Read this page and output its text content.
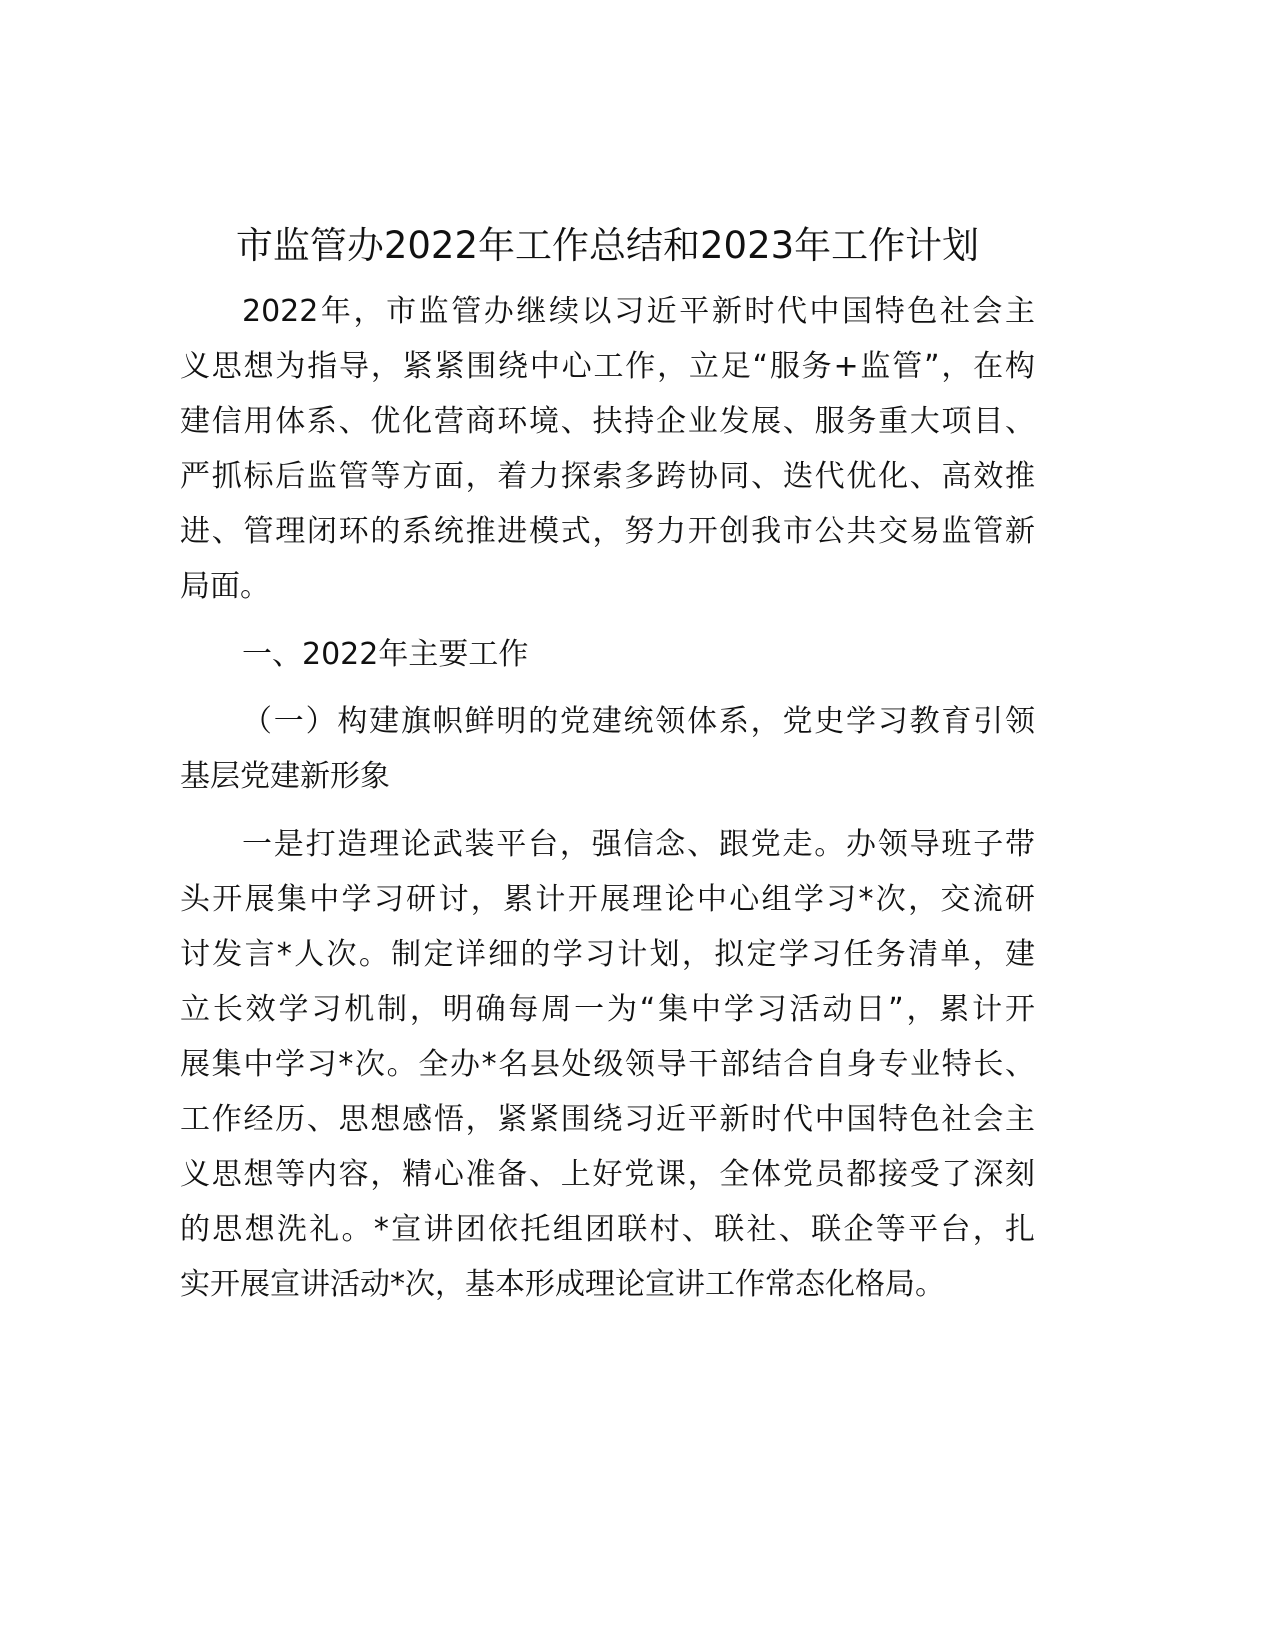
市监管办2022年工作总结和2023年工作计划
2022年，市监管办继续以习近平新时代中国特色社会主
义思想为指导，紧紧围绕中心工作，立足“服务+监管”，在构
建信用体系、优化营商环境、扶持企业发展、服务重大项目、
严抓标后监管等方面，着力探索多跨协同、迭代优化、高效推
进、管理闭环的系统推进模式，努力开创我市公共交易监管新
局面。
一、2022年主要工作
（一）构建旗帜鲜明的党建统领体系，党史学习教育引领
基层党建新形象
一是打造理论武装平台，强信念、跟党走。办领导班子带
头开展集中学习研讨，累计开展理论中心组学习*次，交流研
讨发言*人次。制定详细的学习计划，拟定学习任务清单，建
立长效学习机制，明确每周一为“集中学习活动日”，累计开
展集中学习*次。全办*名县处级领导干部结合自身专业特长、
工作经历、思想感悟，紧紧围绕习近平新时代中国特色社会主
义思想等内容，精心准备、上好党课，全体党员都接受了深刻
的思想洗礼。*宣讲团依托组团联村、联社、联企等平台，扎
实开展宣讲活动*次，基本形成理论宣讲工作常态化格局。
